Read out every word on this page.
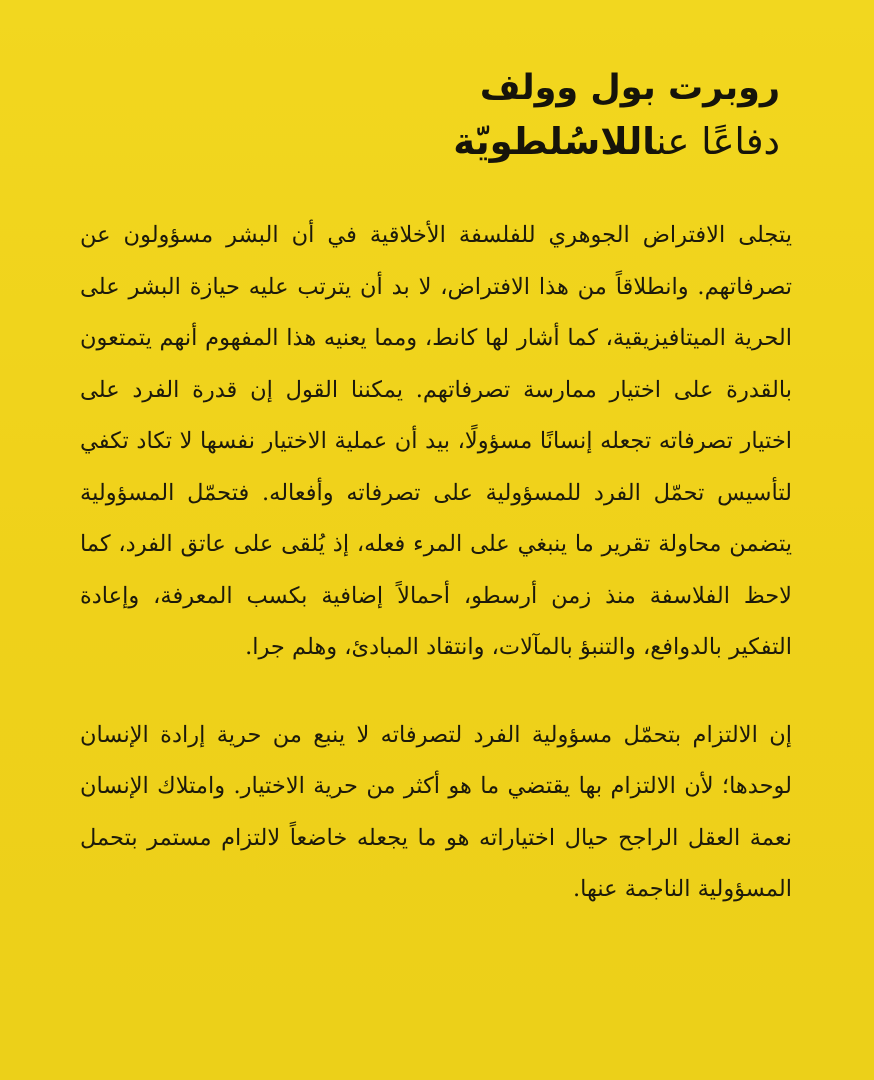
روبرت بول وولف
دفاعًا عناللاسُلطويّة

يتجلى الافتراض الجوهري للفلسفة الأخلاقية في أن البشر مسؤولون عن تصرفاتهم. وانطلاقاً من هذا الافتراض، لا بد أن يترتب عليه حيازة البشر على الحرية الميتافيزيقية، كما أشار لها كانط، ومما يعنيه هذا المفهوم أنهم يتمتعون بالقدرة على اختيار ممارسة تصرفاتهم. يمكننا القول إن قدرة الفرد على اختيار تصرفاته تجعله إنسانًا مسؤولًا، بيد أن عملية الاختيار نفسها لا تكاد تكفي لتأسيس تحمّل الفرد للمسؤولية على تصرفاته وأفعاله. فتحمّل المسؤولية يتضمن محاولة تقرير ما ينبغي على المرء فعله، إذ يُلقى على عاتق الفرد، كما لاحظ الفلاسفة منذ زمن أرسطو، أحمالاً إضافية بكسب المعرفة، وإعادة التفكير بالدوافع، والتنبؤ بالمآلات، وانتقاد المبادئ، وهلم جرا.

إن الالتزام بتحمّل مسؤولية الفرد لتصرفاته لا ينبع من حرية إرادة الإنسان لوحدها؛ لأن الالتزام بها يقتضي ما هو أكثر من حرية الاختيار. وامتلاك الإنسان نعمة العقل الراجح حيال اختياراته هو ما يجعله خاضعاً لالتزام مستمر بتحمل المسؤولية الناجمة عنها.
